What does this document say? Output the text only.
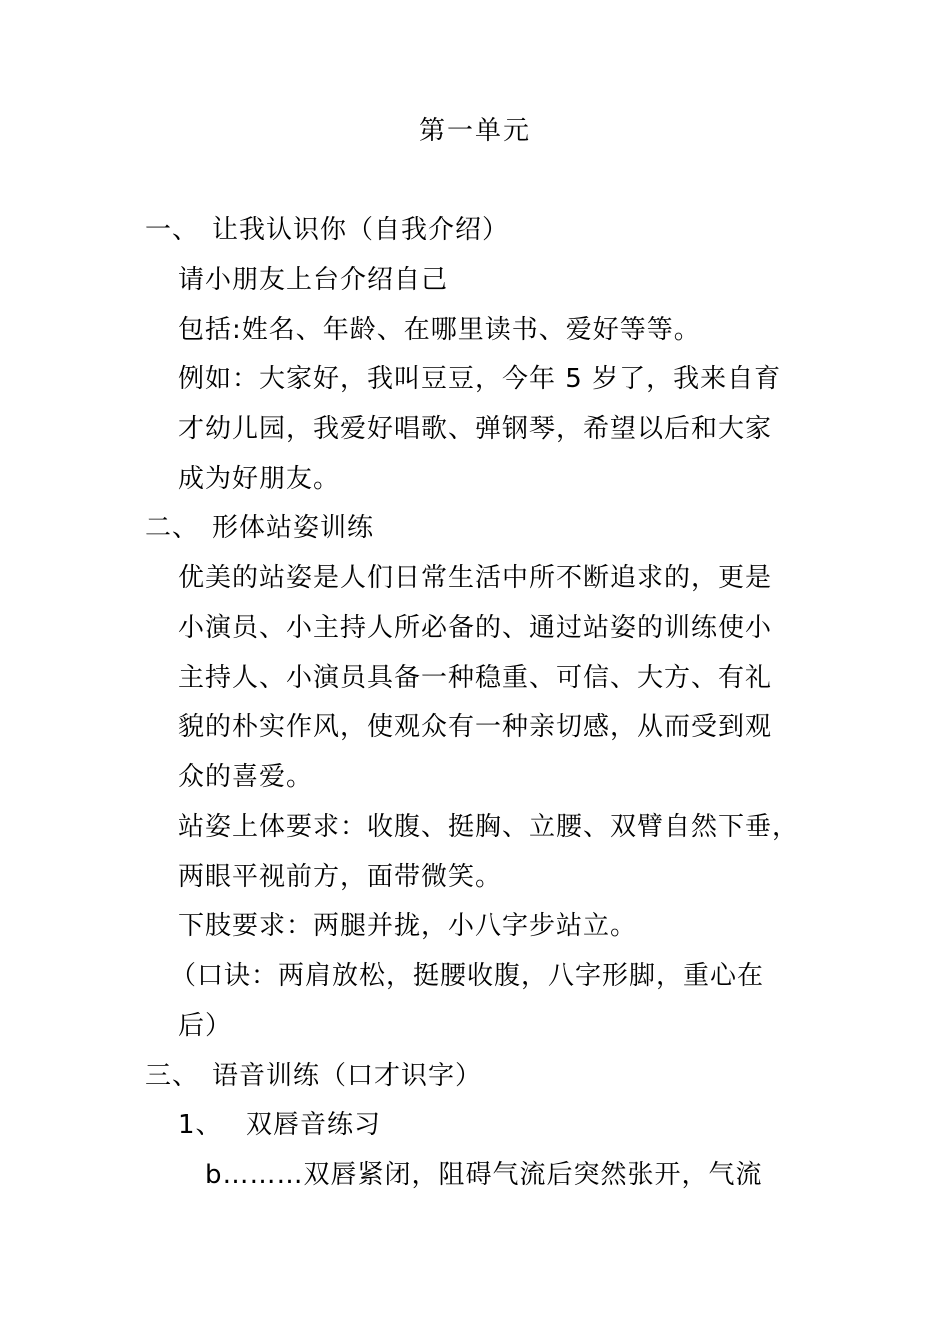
第一单元
一、 让我认识你（自我介绍）
请小朋友上台介绍自己
包括:姓名、年龄、在哪里读书、爱好等等。
例如：大家好，我叫豆豆，今年 5 岁了，我来自育
才幼儿园，我爱好唱歌、弹钢琴，希望以后和大家
成为好朋友。
二、 形体站姿训练
优美的站姿是人们日常生活中所不断追求的，更是
小演员、小主持人所必备的、通过站姿的训练使小
主持人、小演员具备一种稳重、可信、大方、有礼
貌的朴实作风，使观众有一种亲切感，从而受到观
众的喜爱。
站姿上体要求：收腹、挺胸、立腰、双臂自然下垂，
两眼平视前方，面带微笑。
下肢要求：两腿并拢，小八字步站立。
（口诀：两肩放松，挺腰收腹，八字形脚，重心在
后）
三、 语音训练（口才识字）
1、 双唇音练习
b………双唇紧闭，阻碍气流后突然张开，气流
